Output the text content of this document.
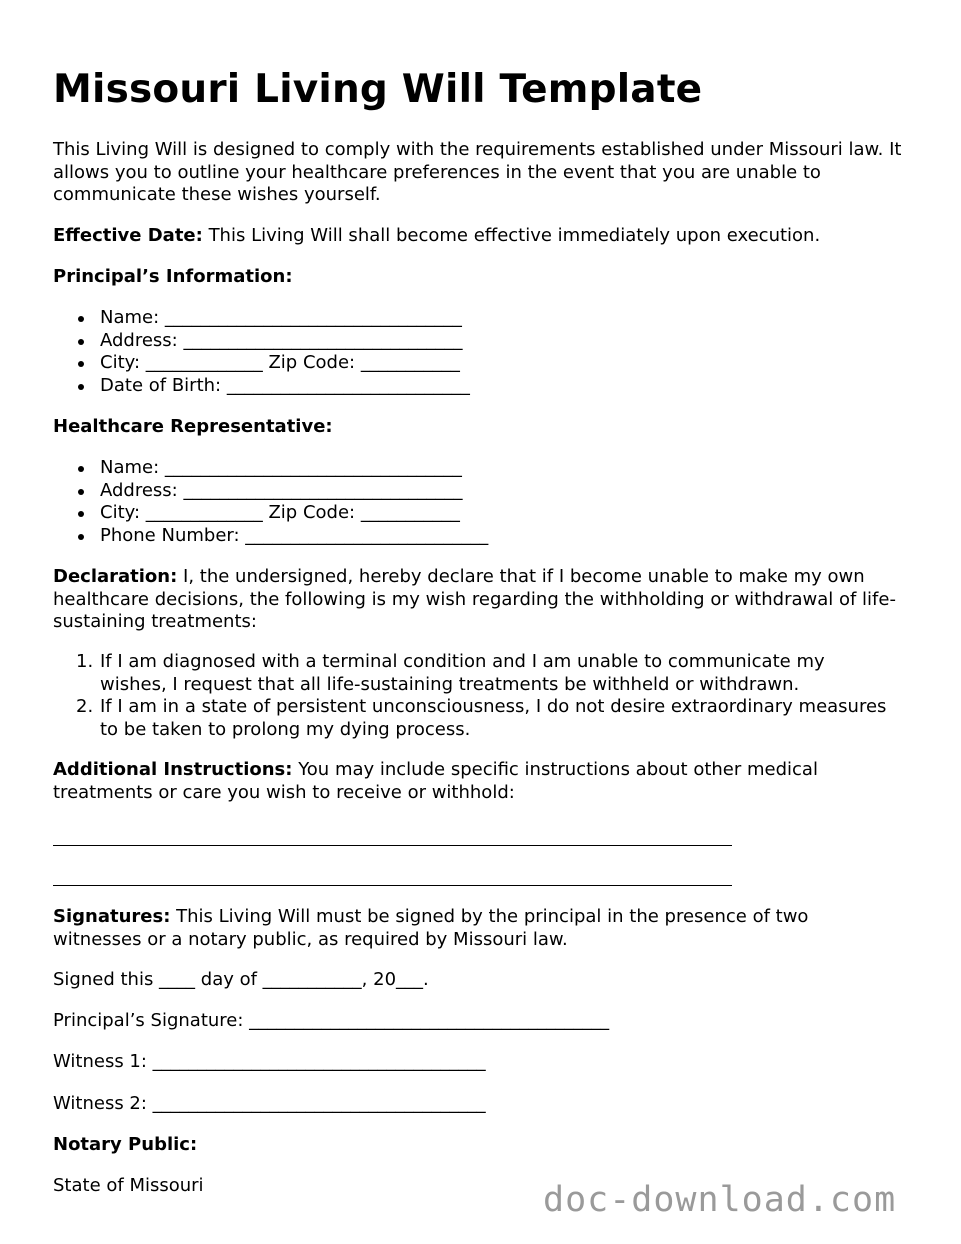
Missouri Living Will Template

This Living Will is designed to comply with the requirements established under Missouri law. It allows you to outline your healthcare preferences in the event that you are unable to communicate these wishes yourself.

Effective Date: This Living Will shall become effective immediately upon execution.

Principal’s Information:

Name: _________________________________
Address: _______________________________
City: _____________ Zip Code: ___________
Date of Birth: ___________________________

Healthcare Representative:

Name: _________________________________
Address: _______________________________
City: _____________ Zip Code: ___________
Phone Number: ___________________________

Declaration: I, the undersigned, hereby declare that if I become unable to make my own healthcare decisions, the following is my wish regarding the withholding or withdrawal of life-sustaining treatments:

1. If I am diagnosed with a terminal condition and I am unable to communicate my wishes, I request that all life-sustaining treatments be withheld or withdrawn.
2. If I am in a state of persistent unconsciousness, I do not desire extraordinary measures to be taken to prolong my dying process.

Additional Instructions: You may include specific instructions about other medical treatments or care you wish to receive or withhold:

Signatures: This Living Will must be signed by the principal in the presence of two witnesses or a notary public, as required by Missouri law.

Signed this ____ day of ___________, 20___.

Principal’s Signature: ________________________________________

Witness 1: _____________________________________

Witness 2: _____________________________________

Notary Public:

State of Missouri	doc-download.com
